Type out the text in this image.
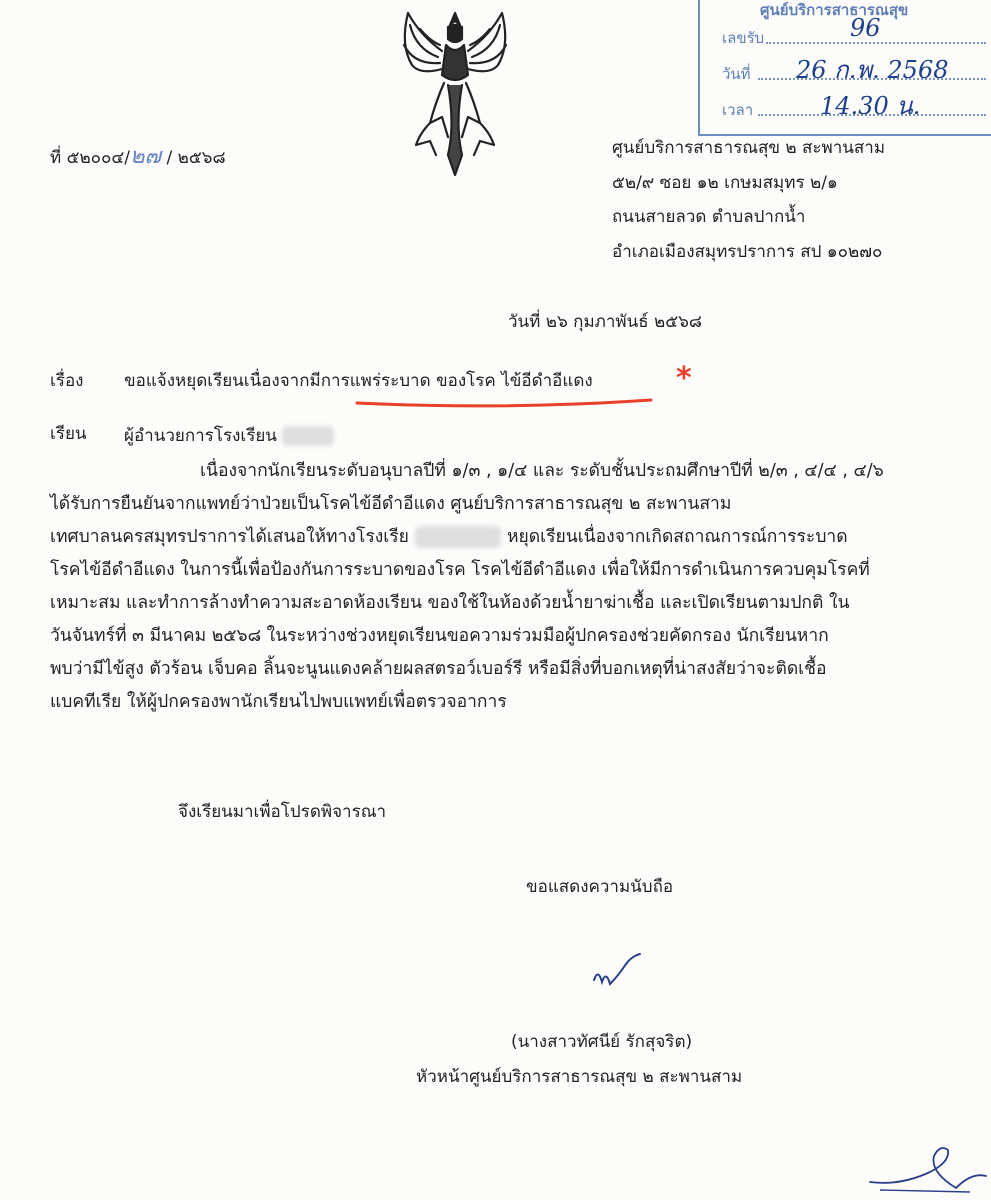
ศูนย์บริการสาธารณสุข
เลขรับ	96
วันที่ 26 ก.พ. 2568
เวลา	14.30 น.
ที่ ๕๒๐๐๔/๒๗ / ๒๕๖๘	ศูนย์บริการสาธารณสุข ๒ สะพานสาม
๕๒/๙ ซอย ๑๒ เกษมสมุทร ๒/๑
ถนนสายลวด ตำบลปากน้ำ
อำเภอเมืองสมุทรปราการ สป ๑๐๒๗๐
วันที่ ๒๖ กุมภาพันธ์ ๒๕๖๘
เรื่อง ขอแจ้งหยุดเรียนเนื่องจากมีการแพร่ระบาด ของโรค ไข้อีดำอีแดง	*
เรียน ผู้อำนวยการโรงเรียน
เนื่องจากนักเรียนระดับอนุบาลปีที่ ๑/๓ , ๑/๔ และ ระดับชั้นประถมศึกษาปีที่ ๒/๓ , ๔/๔ , ๔/๖
ได้รับการยืนยันจากแพทย์ว่าป่วยเป็นโรคไข้อีดำอีแดง ศูนย์บริการสาธารณสุข ๒ สะพานสาม
เทศบาลนครสมุทรปราการได้เสนอให้ทางโรงเรีย	หยุดเรียนเนื่องจากเกิดสถาณการณ์การระบาด
โรคไข้อีดำอีแดง ในการนี้เพื่อป้องกันการระบาดของโรค โรคไข้อีดำอีแดง เพื่อให้มีการดำเนินการควบคุมโรคที่
เหมาะสม และทำการล้างทำความสะอาดห้องเรียน ของใช้ในห้องด้วยน้ำยาฆ่าเชื้อ และเปิดเรียนตามปกติ ใน
วันจันทร์ที่ ๓ มีนาคม ๒๕๖๘ ในระหว่างช่วงหยุดเรียนขอความร่วมมือผู้ปกครองช่วยคัดกรอง นักเรียนหาก
พบว่ามีไข้สูง ตัวร้อน เจ็บคอ ลิ้นจะนูนแดงคล้ายผลสตรอว์เบอร์รี หรือมีสิ่งที่บอกเหตุที่น่าสงสัยว่าจะติดเชื้อ
แบคทีเรีย ให้ผู้ปกครองพานักเรียนไปพบแพทย์เพื่อตรวจอาการ
จึงเรียนมาเพื่อโปรดพิจารณา
ขอแสดงความนับถือ
(นางสาวทัศนีย์ รักสุจริต)
หัวหน้าศูนย์บริการสาธารณสุข ๒ สะพานสาม
